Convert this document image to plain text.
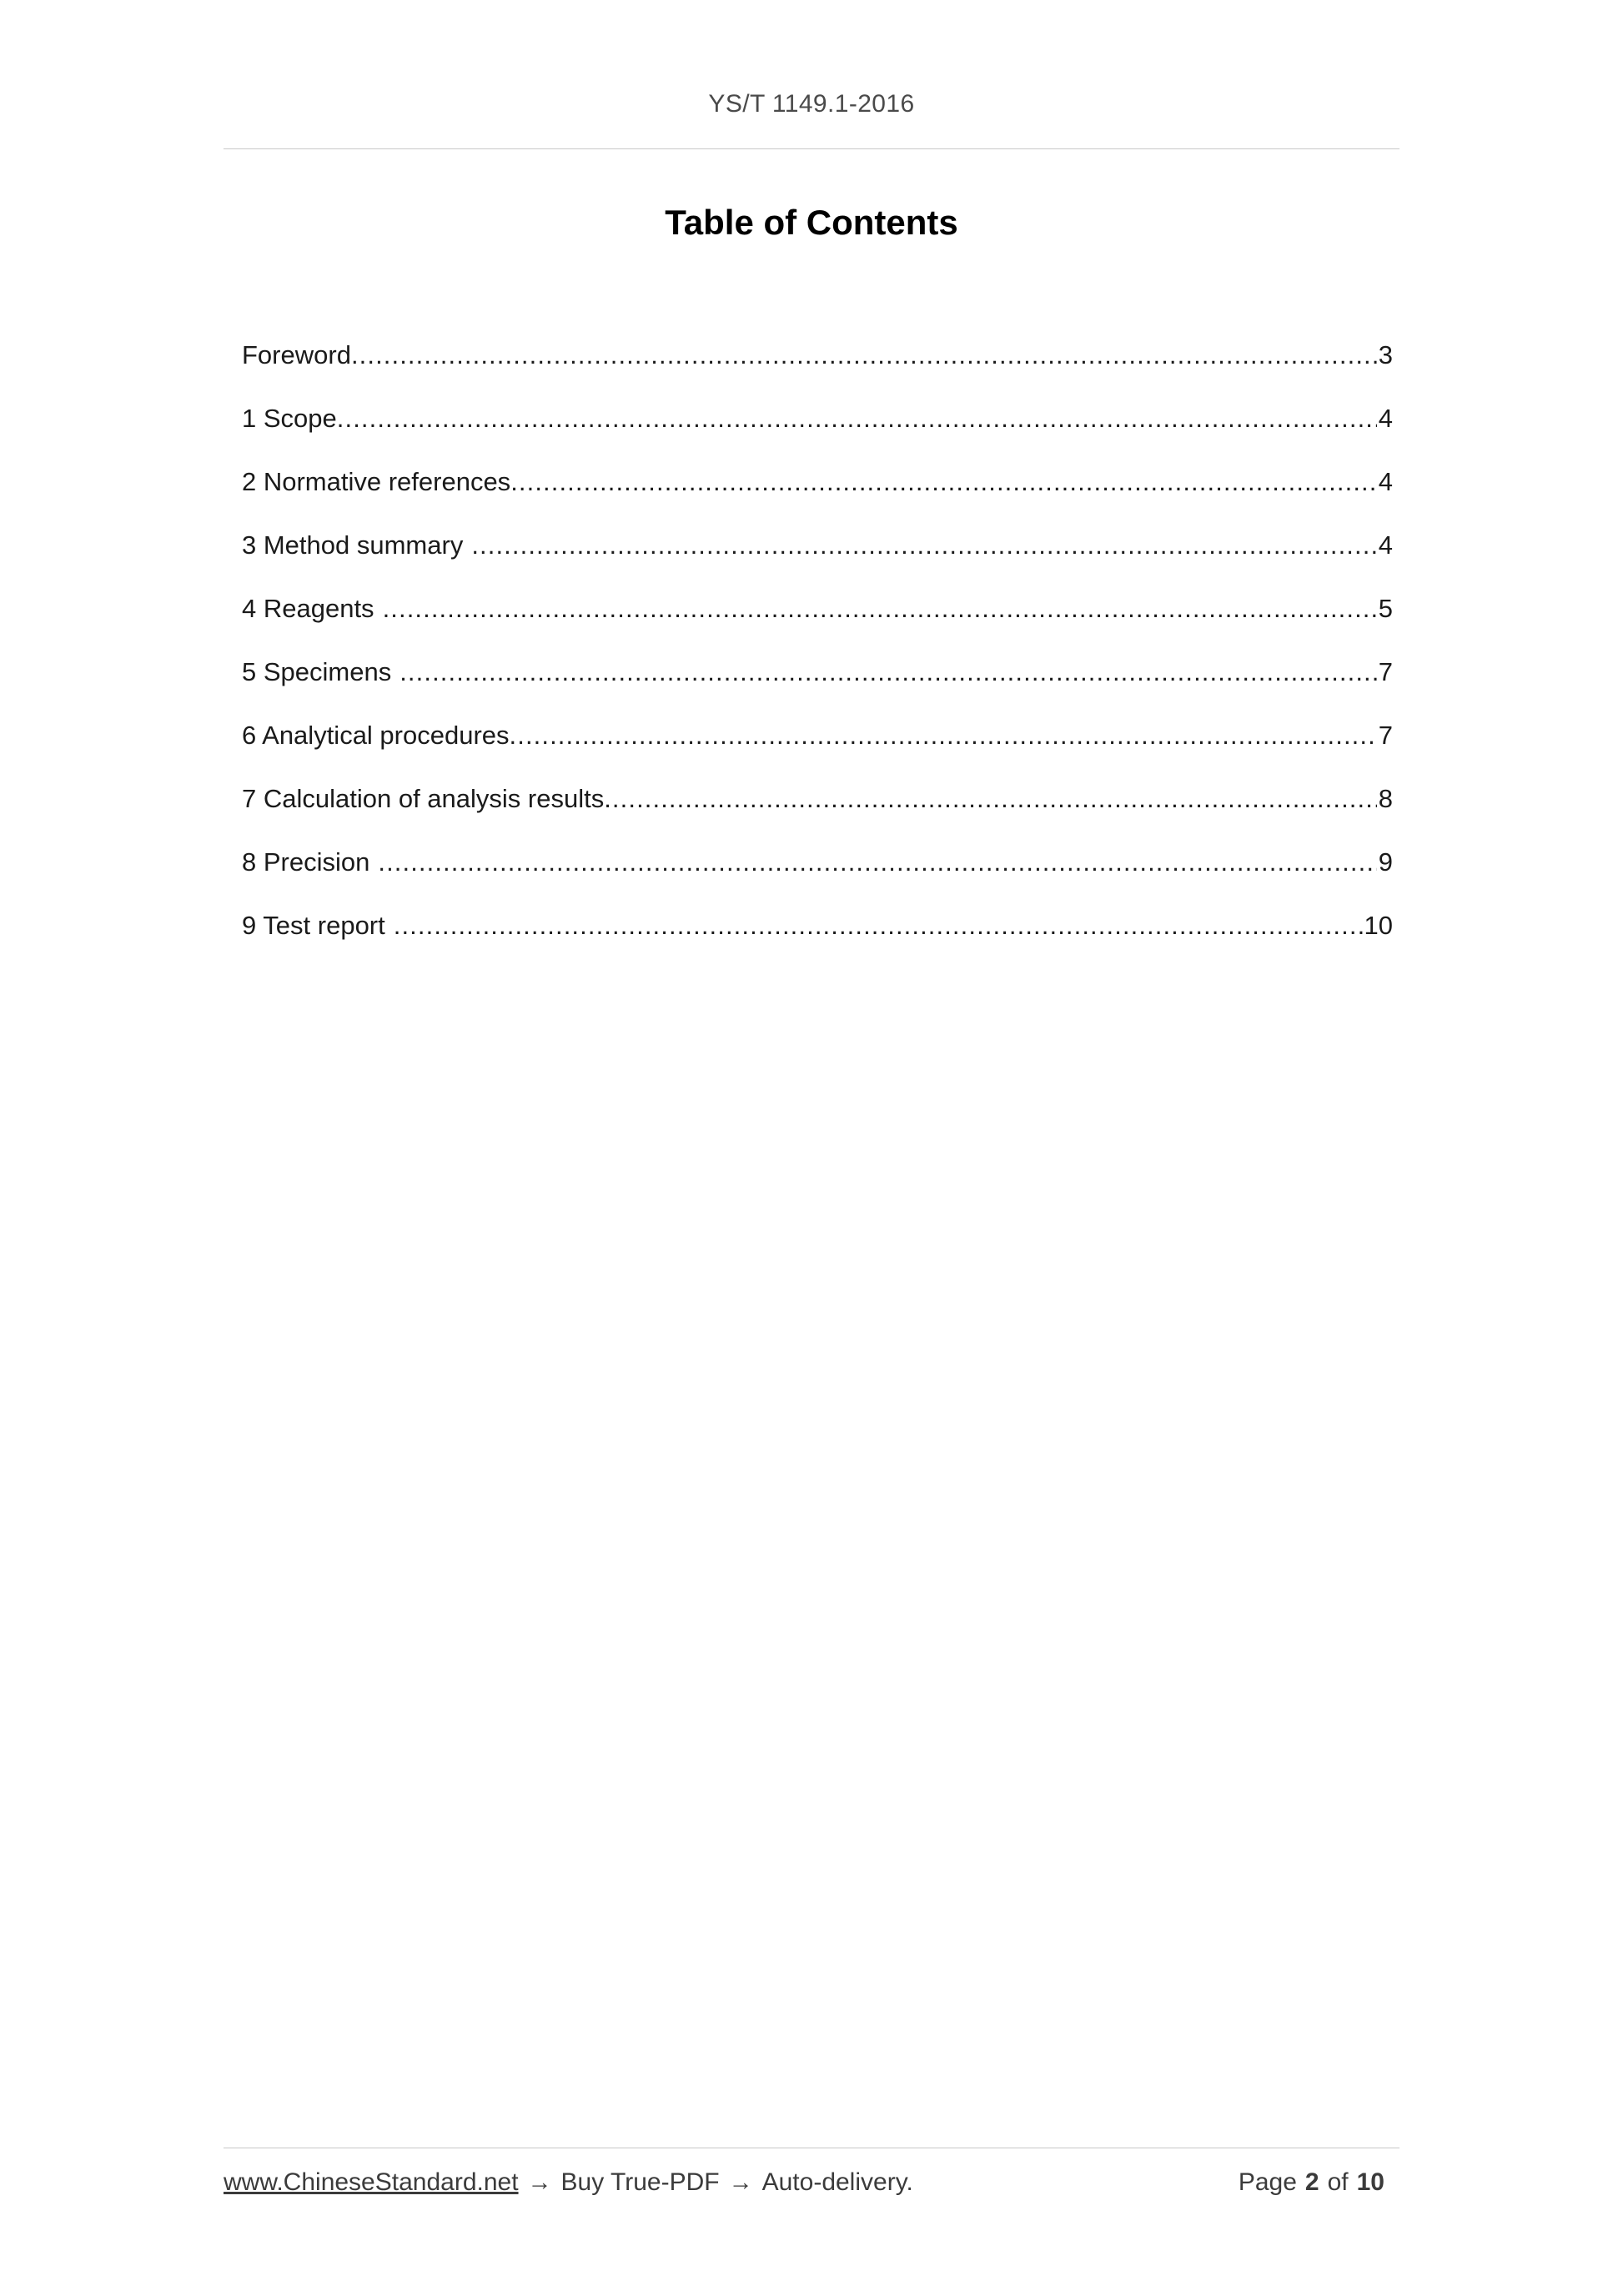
YS/T 1149.1-2016
Table of Contents
Foreword .....	3
1 Scope .....	4
2 Normative references .....	4
3 Method summary .....	4
4 Reagents .....	5
5 Specimens .....	7
6 Analytical procedures .....	7
7 Calculation of analysis results .....	8
8 Precision .....	9
9 Test report .....	10
www.ChineseStandard.net → Buy True-PDF → Auto-delivery.	Page 2 of 10
